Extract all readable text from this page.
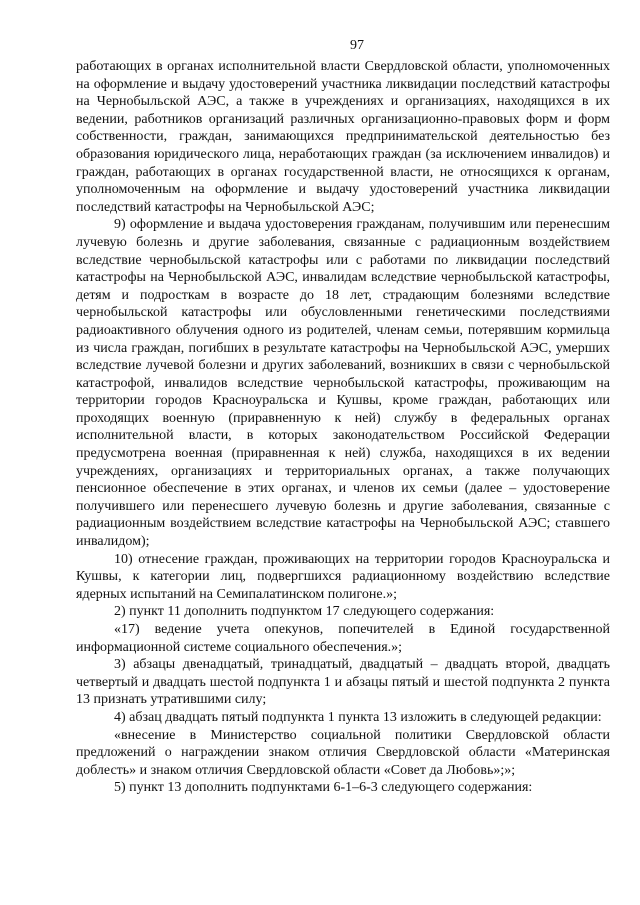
97

работающих в органах исполнительной власти Свердловской области, уполномоченных на оформление и выдачу удостоверений участника ликвидации последствий катастрофы на Чернобыльской АЭС, а также в учреждениях и организациях, находящихся в их ведении, работников организаций различных организационно-правовых форм и форм собственности, граждан, занимающихся предпринимательской деятельностью без образования юридического лица, неработающих граждан (за исключением инвалидов) и граждан, работающих в органах государственной власти, не относящихся к органам, уполномоченным на оформление и выдачу удостоверений участника ликвидации последствий катастрофы на Чернобыльской АЭС;

9) оформление и выдача удостоверения гражданам, получившим или перенесшим лучевую болезнь и другие заболевания, связанные с радиационным воздействием вследствие чернобыльской катастрофы или с работами по ликвидации последствий катастрофы на Чернобыльской АЭС, инвалидам вследствие чернобыльской катастрофы, детям и подросткам в возрасте до 18 лет, страдающим болезнями вследствие чернобыльской катастрофы или обусловленными генетическими последствиями радиоактивного облучения одного из родителей, членам семьи, потерявшим кормильца из числа граждан, погибших в результате катастрофы на Чернобыльской АЭС, умерших вследствие лучевой болезни и других заболеваний, возникших в связи с чернобыльской катастрофой, инвалидов вследствие чернобыльской катастрофы, проживающим на территории городов Красноуральска и Кушвы, кроме граждан, работающих или проходящих военную (приравненную к ней) службу в федеральных органах исполнительной власти, в которых законодательством Российской Федерации предусмотрена военная (приравненная к ней) служба, находящихся в их ведении учреждениях, организациях и территориальных органах, а также получающих пенсионное обеспечение в этих органах, и членов их семьи (далее – удостоверение получившего или перенесшего лучевую болезнь и другие заболевания, связанные с радиационным воздействием вследствие катастрофы на Чернобыльской АЭС; ставшего инвалидом);

10) отнесение граждан, проживающих на территории городов Красноуральска и Кушвы, к категории лиц, подвергшихся радиационному воздействию вследствие ядерных испытаний на Семипалатинском полигоне.»;

2) пункт 11 дополнить подпунктом 17 следующего содержания:

«17) ведение учета опекунов, попечителей в Единой государственной информационной системе социального обеспечения.»;

3) абзацы двенадцатый, тринадцатый, двадцатый – двадцать второй, двадцать четвертый и двадцать шестой подпункта 1 и абзацы пятый и шестой подпункта 2 пункта 13 признать утратившими силу;

4) абзац двадцать пятый подпункта 1 пункта 13 изложить в следующей редакции:

«внесение в Министерство социальной политики Свердловской области предложений о награждении знаком отличия Свердловской области «Материнская доблесть» и знаком отличия Свердловской области «Совет да Любовь»;»;

5) пункт 13 дополнить подпунктами 6-1–6-3 следующего содержания:
